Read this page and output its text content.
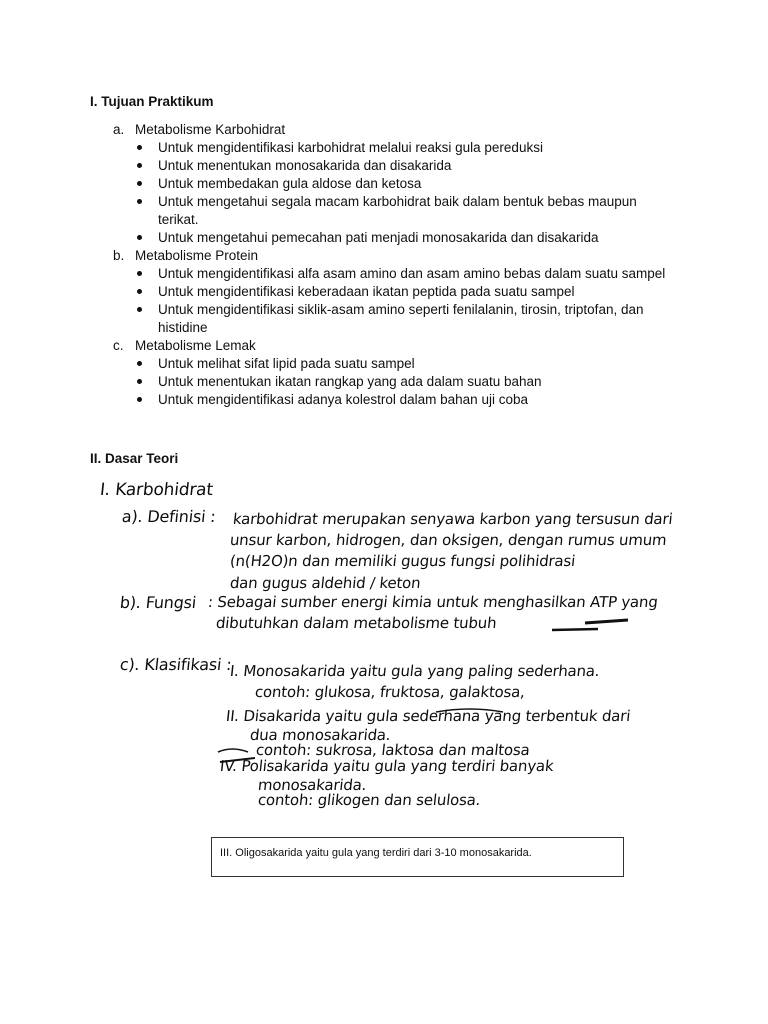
I. Tujuan Praktikum
a. Metabolisme Karbohidrat
Untuk mengidentifikasi karbohidrat melalui reaksi gula pereduksi
Untuk menentukan monosakarida dan disakarida
Untuk membedakan gula aldose dan ketosa
Untuk mengetahui segala macam karbohidrat baik dalam bentuk bebas maupun terikat.
Untuk mengetahui pemecahan pati menjadi monosakarida dan disakarida
b. Metabolisme Protein
Untuk mengidentifikasi alfa asam amino dan asam amino bebas dalam suatu sampel
Untuk mengidentifikasi keberadaan ikatan peptida pada suatu sampel
Untuk mengidentifikasi siklik-asam amino seperti fenilalanin, tirosin, triptofan, dan histidine
c. Metabolisme Lemak
Untuk melihat sifat lipid pada suatu sampel
Untuk menentukan ikatan rangkap yang ada dalam suatu bahan
Untuk mengidentifikasi adanya kolestrol dalam bahan uji coba
II. Dasar Teori
I. Karbohidrat
a). Definisi : karbohidrat merupakan senyawa karbon yang tersusun dari
unsur karbon, hidrogen, dan oksigen, dengan rumus umum
(n(H2O)n dan memiliki gugus fungsi polihidrasi
dan gugus aldehid / keton
b). Fungsi : Sebagai sumber energi kimia untuk menghasilkan ATP yang
dibutuhkan dalam metabolisme tubuh
c). Klasifikasi :
I. Monosakarida yaitu gula yang paling sederhana.
contoh: glukosa, fruktosa, galaktosa,
II. Disakarida yaitu gula sederhana yang terbentuk dari
dua monosakarida.
contoh: sukrosa, laktosa dan maltosa
IV. Polisakarida yaitu gula yang terdiri banyak
monosakarida.
contoh: glikogen dan selulosa.
III. Oligosakarida yaitu gula yang terdiri dari 3-10 monosakarida.
